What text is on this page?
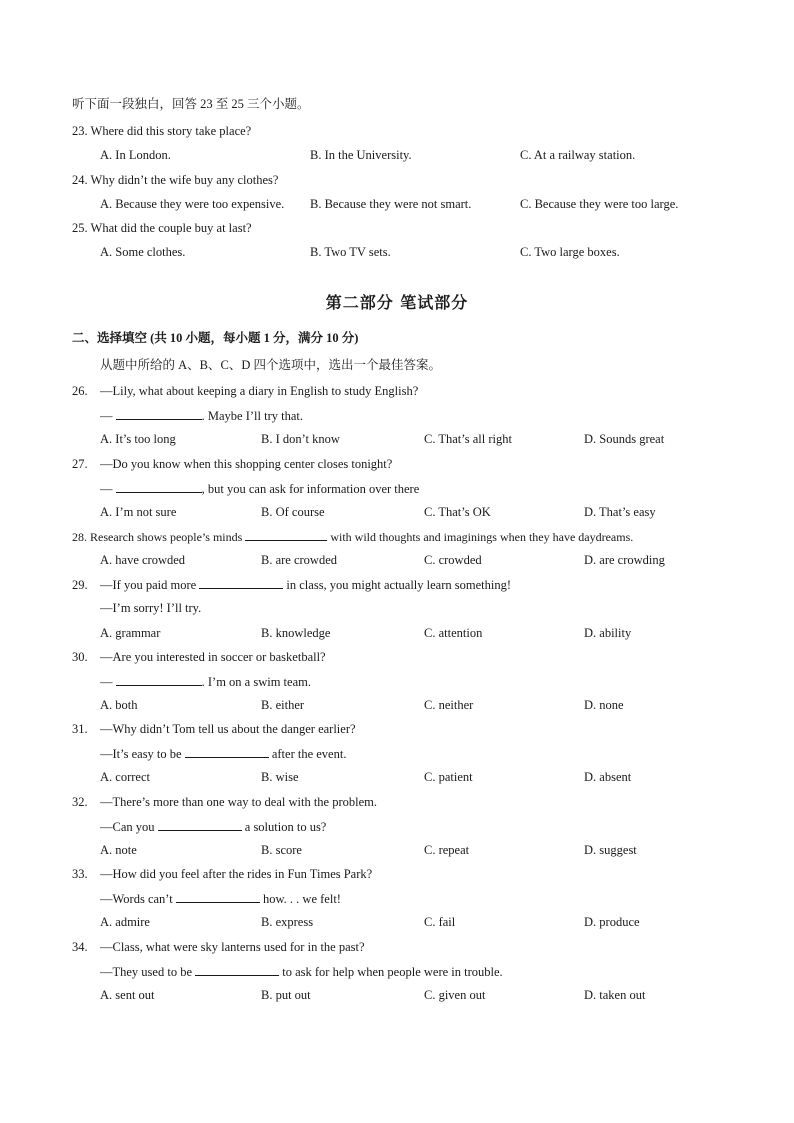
听下面一段独白，回答 23 至 25 三个小题。
23. Where did this story take place?
A. In London.	B. In the University.	C. At a railway station.
24. Why didn’t the wife buy any clothes?
A. Because they were too expensive. B. Because they were not smart.	C. Because they were too large.
25. What did the couple buy at last?
A. Some clothes.	B. Two TV sets.	C. Two large boxes.
第二部分 笔试部分
二、选择填空 (共 10 小题，每小题 1 分，满分 10 分)
从题中所给的 A、B、C、D 四个选项中，选出一个最佳答案。
26. —Lily, what about keeping a diary in English to study English?
—	. Maybe I’ll try that.
A. It’s too long	B. I don’t know	C. That’s all right	D. Sounds great
27. —Do you know when this shopping center closes tonight?
—	, but you can ask for information over there
A. I’m not sure	B. Of course	C. That’s OK	D. That’s easy
28. Research shows people’s minds	with wild thoughts and imaginings when they have daydreams.
A. have crowded	B. are crowded	C. crowded	D. are crowding
29. —If you paid more	in class, you might actually learn something!
—I’m sorry! I’ll try.
A. grammar	B. knowledge	C. attention	D. ability
30. —Are you interested in soccer or basketball?
—	. I’m on a swim team.
A. both	B. either	C. neither	D. none
31. —Why didn’t Tom tell us about the danger earlier?
—It’s easy to be	after the event.
A. correct	B. wise	C. patient	D. absent
32. —There’s more than one way to deal with the problem.
—Can you	a solution to us?
A. note	B. score	C. repeat	D. suggest
33. —How did you feel after the rides in Fun Times Park?
—Words can’t	how. . . we felt!
A. admire	B. express	C. fail	D. produce
34. —Class, what were sky lanterns used for in the past?
—They used to be	to ask for help when people were in trouble.
A. sent out	B. put out	C. given out	D. taken out
